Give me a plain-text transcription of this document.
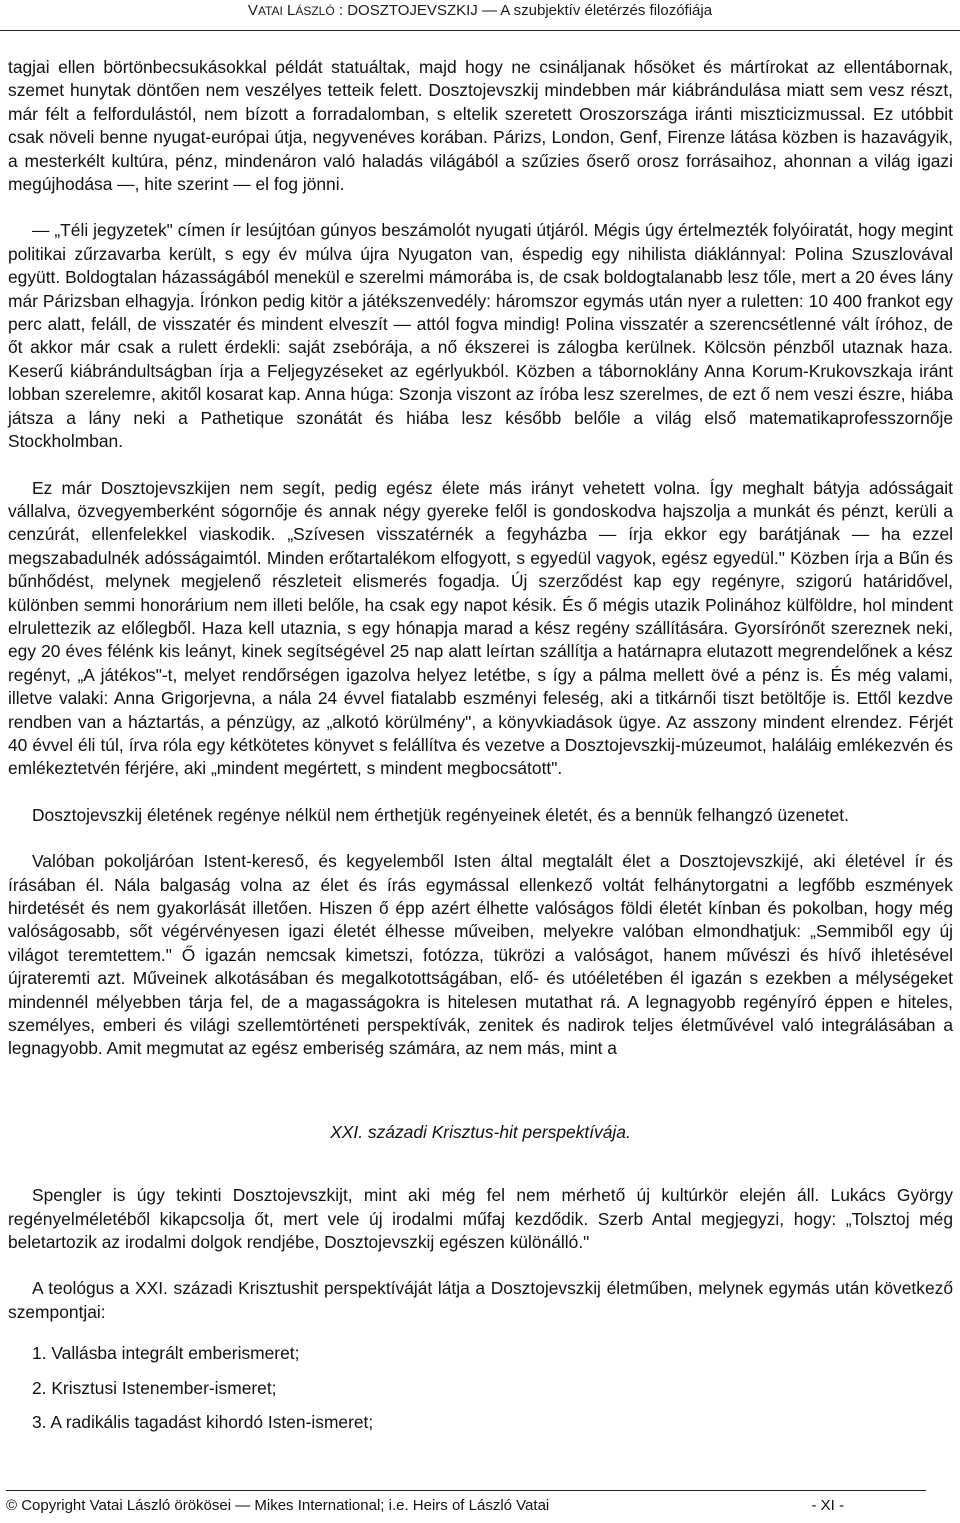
VATAI LÁSZLÓ : DOSZTOJEVSZKIJ — A szubjektív életérzés filozófiája

tagjai ellen börtönbecsukásokkal példát statuáltak, majd hogy ne csináljanak hősöket és mártírokat az ellentábornak, szemet hunytak döntően nem veszélyes tetteik felett. Dosztojevszkij mindebben már kiábrándulása miatt sem vesz részt, már félt a felfordulástól, nem bízott a forradalomban, s eltelik szeretett Oroszországa iránti miszticizmussal. Ez utóbbit csak növeli benne nyugat-európai útja, negyvenéves korában. Párizs, London, Genf, Firenze látása közben is hazavágyik, a mesterkélt kultúra, pénz, mindenáron való haladás világából a szűzies őserő orosz forrásaihoz, ahonnan a világ igazi megújhodása —, hite szerint — el fog jönni.

— „Téli jegyzetek" címen ír lesújtóan gúnyos beszámolót nyugati útjáról. Mégis úgy értelmezték folyóiratát, hogy megint politikai zűrzavarba került, s egy év múlva újra Nyugaton van, éspedig egy nihilista diáklánnyal: Polina Szuszlovával együtt. Boldogtalan házasságából menekül e szerelmi mámorába is, de csak boldogtalanabb lesz tőle, mert a 20 éves lány már Párizsban elhagyja. Írónkon pedig kitör a játékszenvedély: háromszor egymás után nyer a ruletten: 10 400 frankot egy perc alatt, feláll, de visszatér és mindent elveszít — attól fogva mindig! Polina visszatér a szerencsétlenné vált íróhoz, de őt akkor már csak a rulett érdekli: saját zsebórája, a nő ékszerei is zálogba kerülnek. Kölcsön pénzből utaznak haza. Keserű kiábrándultságban írja a Feljegyzéseket az egérlyukból. Közben a tábornoklány Anna Korum-Krukovszkaja iránt lobban szerelemre, akitől kosarat kap. Anna húga: Szonja viszont az íróba lesz szerelmes, de ezt ő nem veszi észre, hiába játsza a lány neki a Pathetique szonátát és hiába lesz később belőle a világ első matematikaprofesszornője Stockholmban.

Ez már Dosztojevszkijen nem segít, pedig egész élete más irányt vehetett volna. Így meghalt bátyja adósságait vállalva, özvegyemberként sógornője és annak négy gyereke felől is gondoskodva hajszolja a munkát és pénzt, kerüli a cenzúrát, ellenfelekkel viaskodik. „Szívesen visszatérnék a fegyházba — írja ekkor egy barátjának — ha ezzel megszabadulnék adósságaimtól. Minden erőtartalékom elfogyott, s egyedül vagyok, egész egyedül." Közben írja a Bűn és bűnhődést, melynek megjelenő részleteit elismerés fogadja. Új szerződést kap egy regényre, szigorú határidővel, különben semmi honorárium nem illeti belőle, ha csak egy napot késik. És ő mégis utazik Polinához külföldre, hol mindent elrulettezik az előlegből. Haza kell utaznia, s egy hónapja marad a kész regény szállítására. Gyorsírónőt szereznek neki, egy 20 éves félénk kis leányt, kinek segítségével 25 nap alatt leírtan szállítja a határnapra elutazott megrendelőnek a kész regényt, „A játékos"-t, melyet rendőrségen igazolva helyez letétbe, s így a pálma mellett övé a pénz is. És még valami, illetve valaki: Anna Grigorjevna, a nála 24 évvel fiatalabb eszményi feleség, aki a titkárnői tiszt betöltője is. Ettől kezdve rendben van a háztartás, a pénzügy, az „alkotó körülmény", a könyvkiadások ügye. Az asszony mindent elrendez. Férjét 40 évvel éli túl, írva róla egy kétkötetes könyvet s felállítva és vezetve a Dosztojevszkij-múzeumot, haláláig emlékezvén és emlékeztetvén férjére, aki „mindent megértett, s mindent megbocsátott".

Dosztojevszkij életének regénye nélkül nem érthetjük regényeinek életét, és a bennük felhangzó üzenetet.

Valóban pokoljáróan Istent-kereső, és kegyelemből Isten által megtalált élet a Dosztojevszkijé, aki életével ír és írásában él. Nála balgaság volna az élet és írás egymással ellenkező voltát felhánytorgatni a legfőbb eszmények hirdetését és nem gyakorlását illetően. Hiszen ő épp azért élhette valóságos földi életét kínban és pokolban, hogy még valóságosabb, sőt végérvényesen igazi életét élhesse műveiben, melyekre valóban elmondhatjuk: „Semmiből egy új világot teremtettem." Ő igazán nemcsak kimetszi, fotózza, tükrözi a valóságot, hanem művészi és hívő ihletésével újrateremti azt. Műveinek alkotásában és megalkotottságában, elő- és utóéletében él igazán s ezekben a mélységeket mindennél mélyebben tárja fel, de a magasságokra is hitelesen mutathat rá. A legnagyobb regényíró éppen e hiteles, személyes, emberi és világi szellemtörténeti perspektívák, zenitek és nadirok teljes életművével való integrálásában a legnagyobb. Amit megmutat az egész emberiség számára, az nem más, mint a

XXI. századi Krisztus-hit perspektívája.

Spengler is úgy tekinti Dosztojevszkijt, mint aki még fel nem mérhető új kultúrkör elején áll. Lukács György regényelméletéből kikapcsolja őt, mert vele új irodalmi műfaj kezdődik. Szerb Antal megjegyzi, hogy: „Tolsztoj még beletartozik az irodalmi dolgok rendjébe, Dosztojevszkij egészen különálló."

A teológus a XXI. századi Krisztushit perspektíváját látja a Dosztojevszkij életműben, melynek egymás után következő szempontjai:

1. Vallásba integrált emberismeret;
2. Krisztusi Istenember-ismeret;
3. A radikális tagadást kihordó Isten-ismeret;
© Copyright Vatai László örökösei — Mikes International; i.e. Heirs of László Vatai	- XI -
